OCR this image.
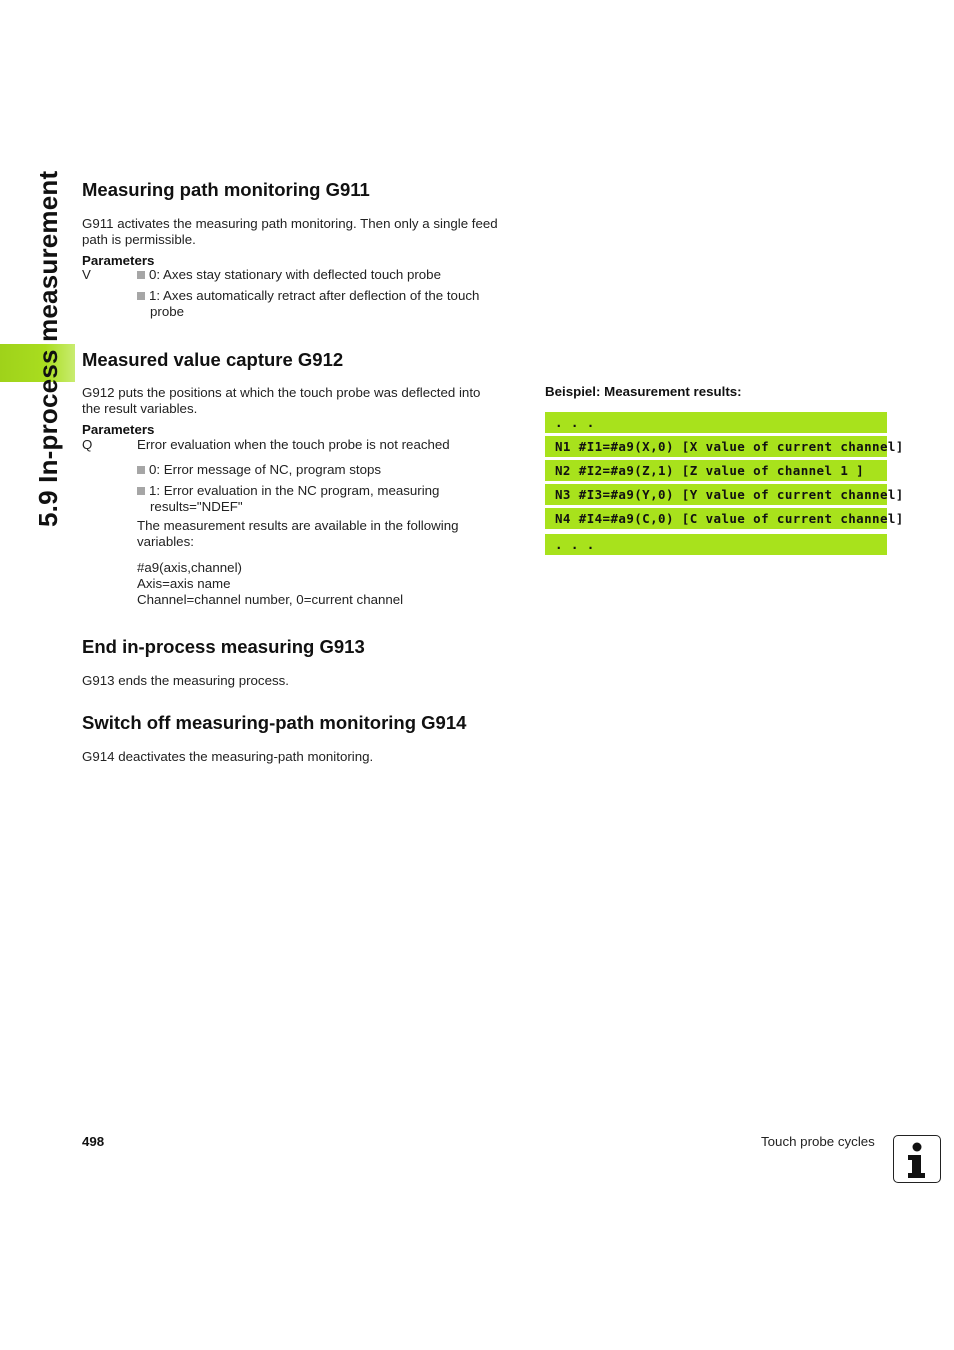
5.9 In-process measurement Measuring path monitoring G911
G911 activates the measuring path monitoring. Then only a single feed path is permissible.
Parameters
V	0: Axes stay stationary with deflected touch probe
1: Axes automatically retract after deflection of the touch
probe
Measured value capture G912
G912 puts the positions at which the touch probe was deflected into
the result variables.
Parameters
Q	Error evaluation when the touch probe is not reached
0: Error message of NC, program stops
1: Error evaluation in the NC program, measuring
results="NDEF"
The measurement results are available in the following
variables:
#a9(axis,channel)
Axis=axis name
Channel=channel number, 0=current channel
End in-process measuring G913
G913 ends the measuring process.
Switch off measuring-path monitoring G914
G914 deactivates the measuring-path monitoring.
Beispiel: Measurement results:
. . .
N1 #I1=#a9(X,0) [X value of current channel]
N2 #I2=#a9(Z,1) [Z value of channel 1 ]
N3 #I3=#a9(Y,0) [Y value of current channel]
N4 #I4=#a9(C,0) [C value of current channel]
. . .
498	Touch probe cycles
